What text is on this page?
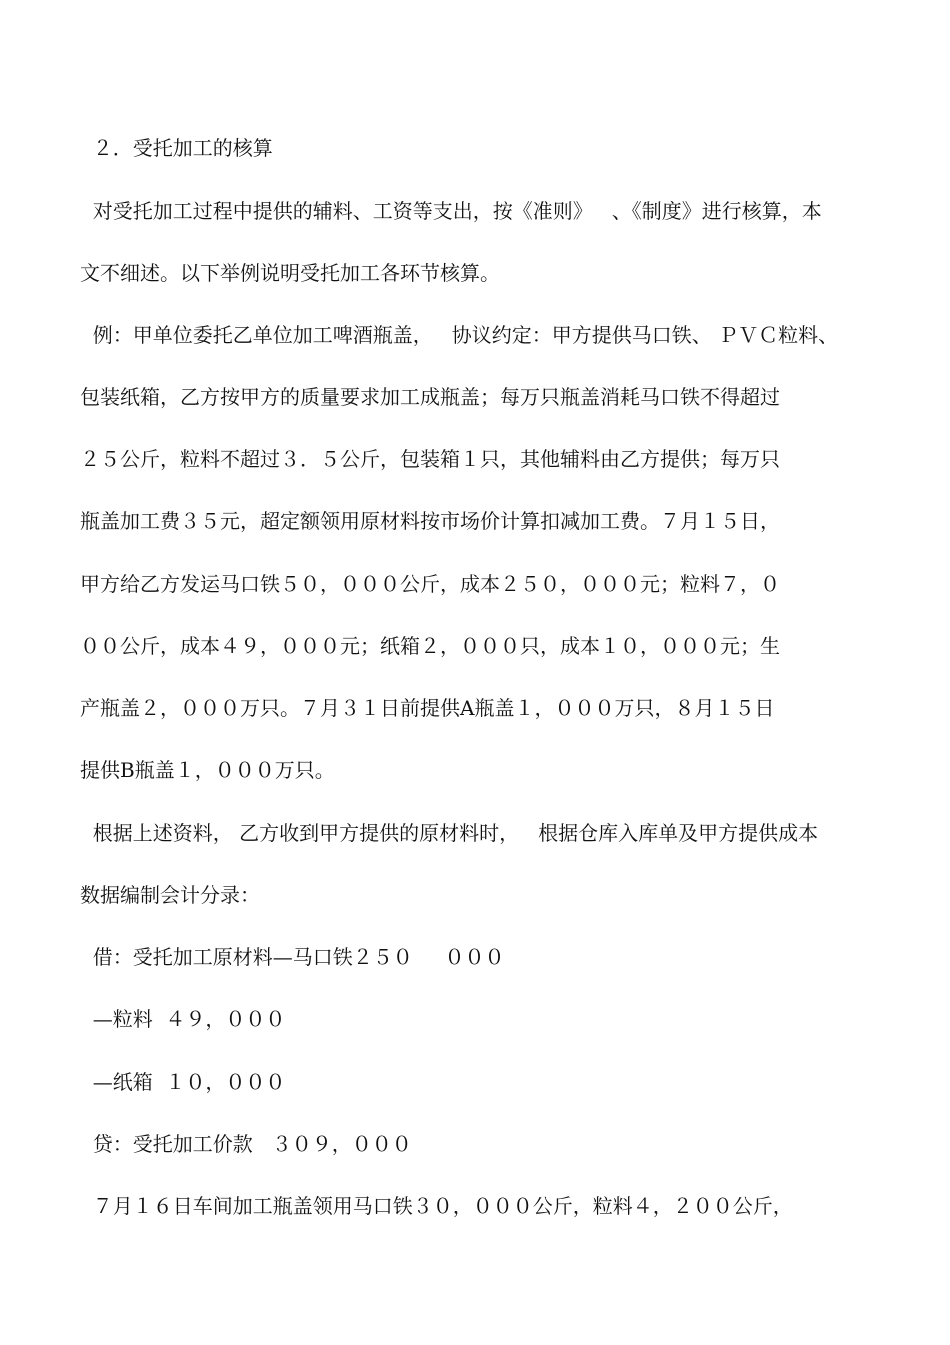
２．受托加工的核算
对受托加工过程中提供的辅料、工资等支出，按《准则》   、《制度》进行核算，本
文不细述。以下举例说明受托加工各环节核算。
例：甲单位委托乙单位加工啤酒瓶盖，   协议约定：甲方提供马口铁、 ＰＶＣ粒料、
包装纸箱，乙方按甲方的质量要求加工成瓶盖；每万只瓶盖消耗马口铁不得超过
２５公斤，粒料不超过３．５公斤，包装箱１只，其他辅料由乙方提供；每万只
瓶盖加工费３５元，超定额领用原材料按市场价计算扣减加工费。７月１５日，
甲方给乙方发运马口铁５０，０００公斤，成本２５０，０００元；粒料７，０
００公斤，成本４９，０００元；纸箱２，０００只，成本１０，０００元；生
产瓶盖２，０００万只。７月３１日前提供A瓶盖１，０００万只，８月１５日
提供B瓶盖１，０００万只。
根据上述资料， 乙方收到甲方提供的原材料时，   根据仓库入库单及甲方提供成本
数据编制会计分录：
借：受托加工原材料—马口铁２５０     ０００
—粒料  ４９，０００
—纸箱  １０，０００
贷：受托加工价款   ３０９，０００
７月１６日车间加工瓶盖领用马口铁３０，０００公斤，粒料４，２００公斤，
